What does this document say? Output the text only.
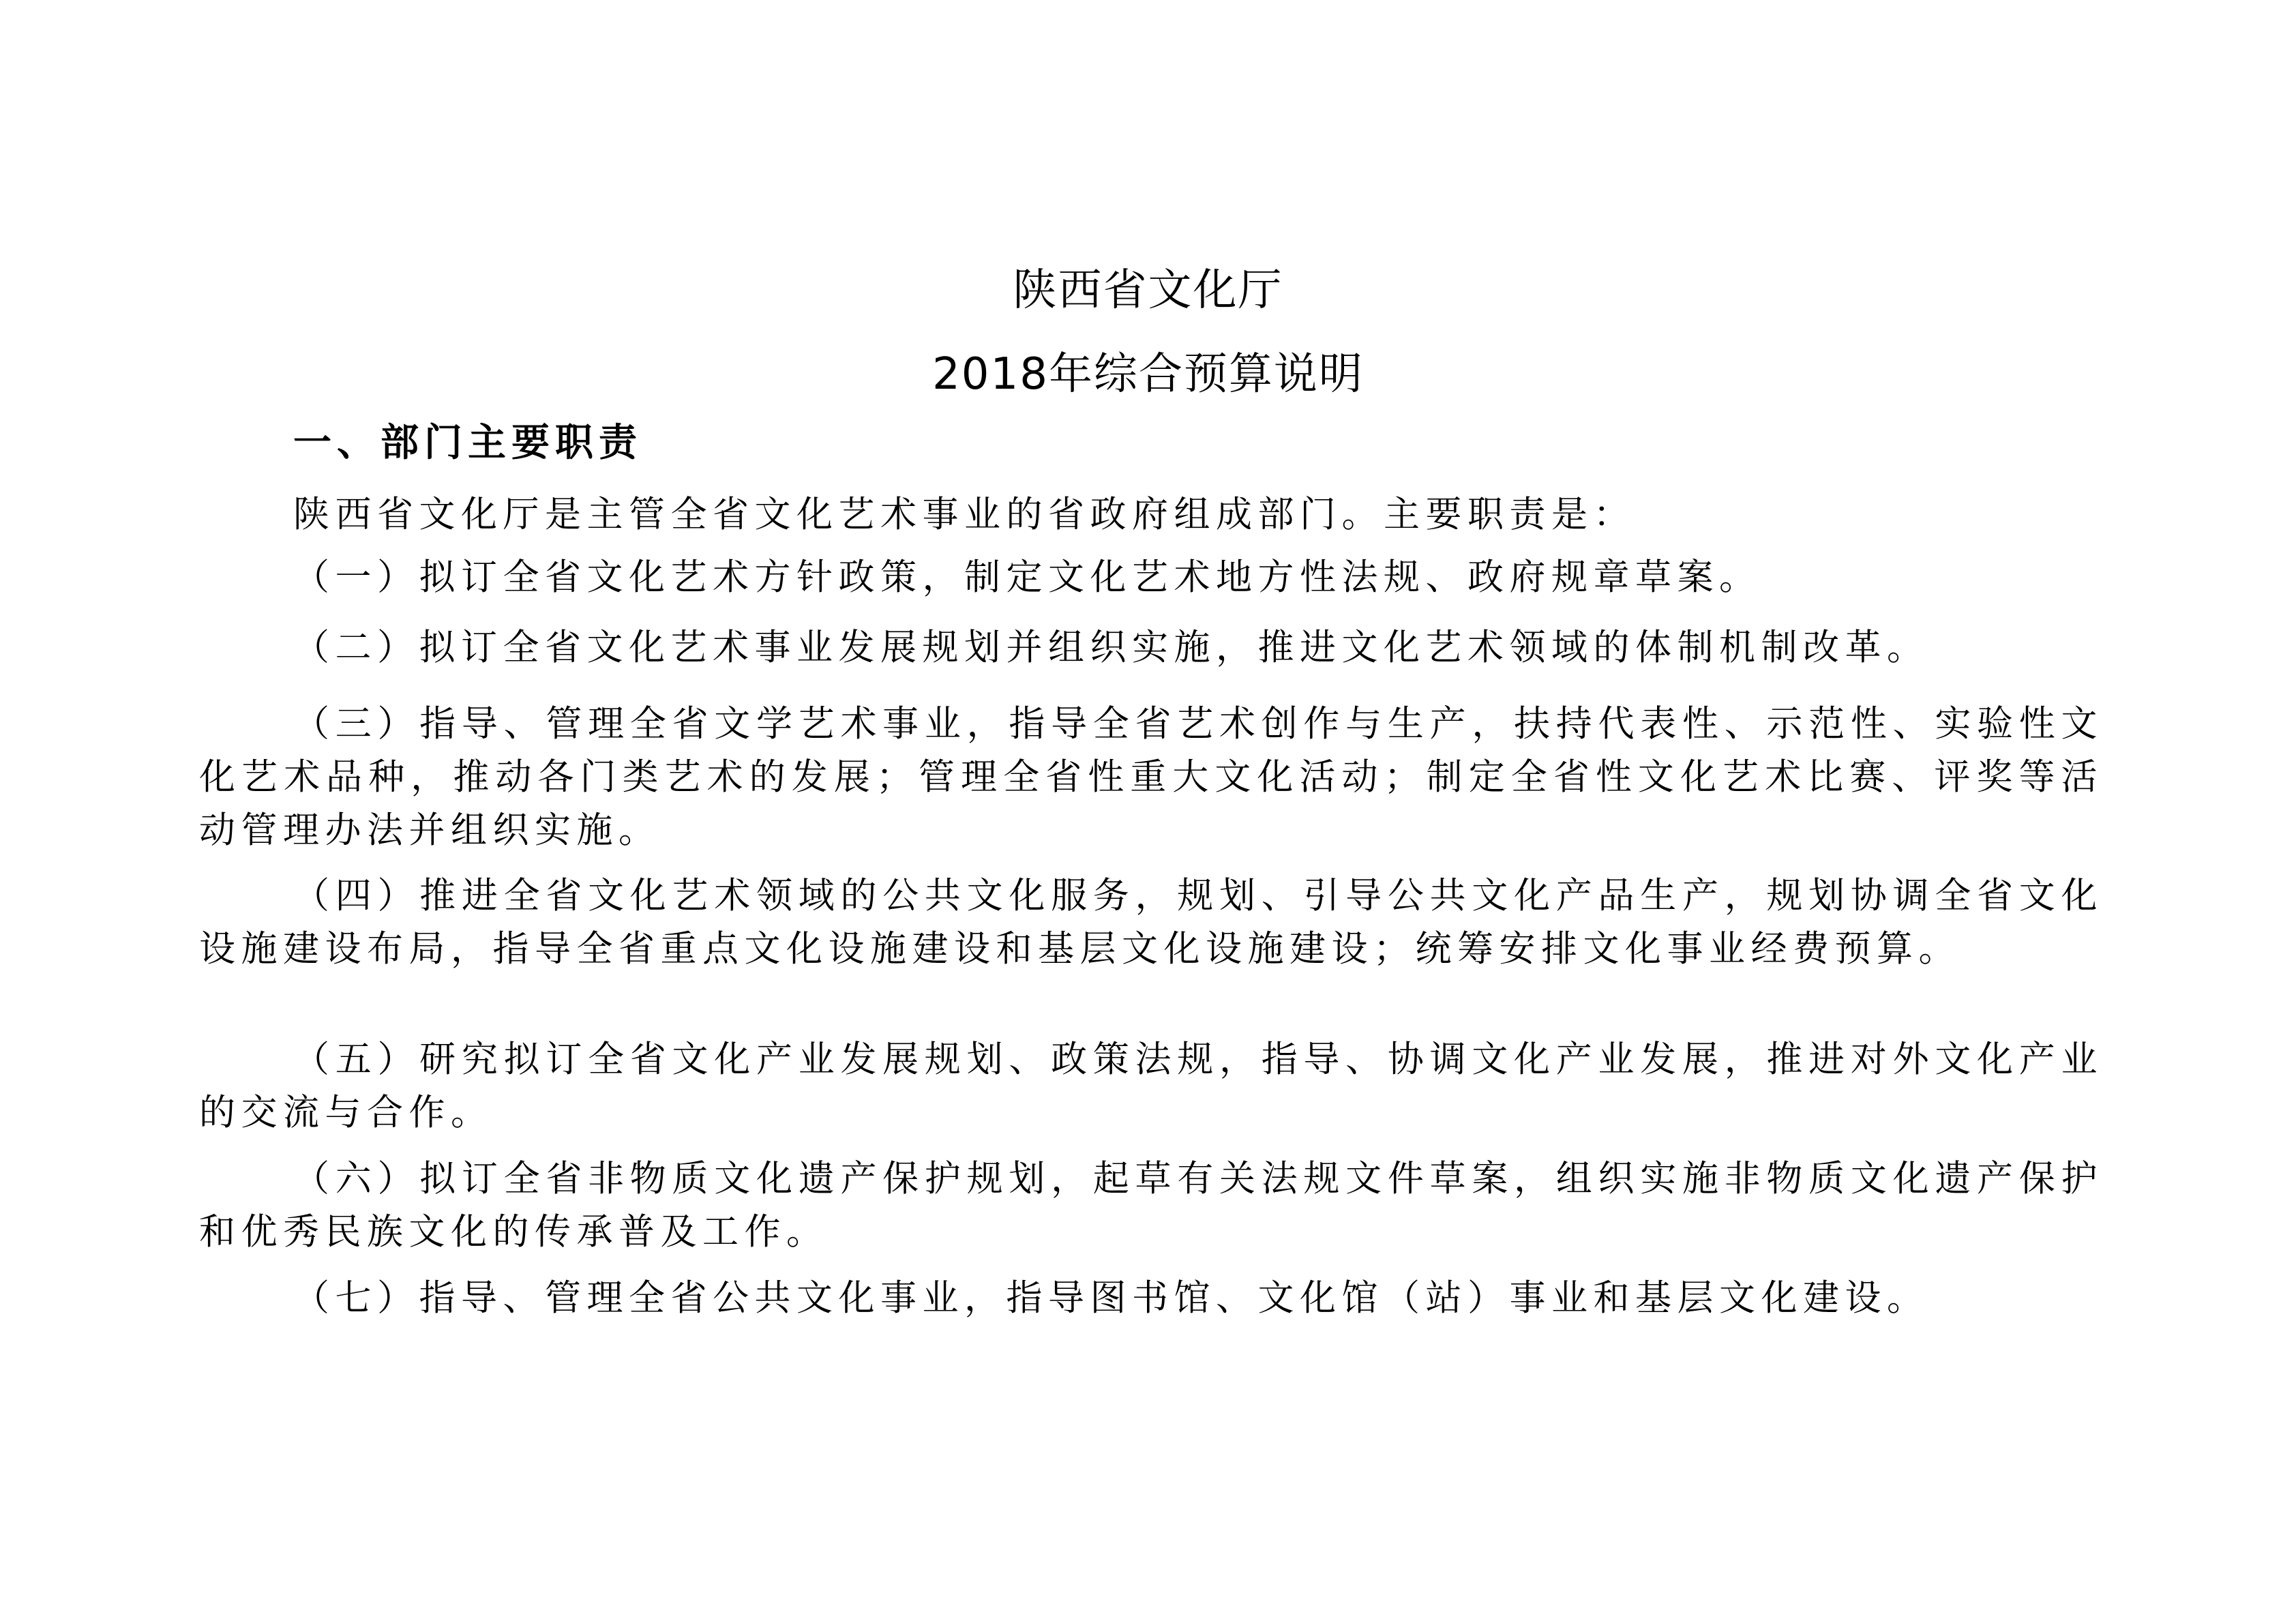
陕西省文化厅
2018年综合预算说明
一、部门主要职责
陕西省文化厅是主管全省文化艺术事业的省政府组成部门。主要职责是：
（一）拟订全省文化艺术方针政策，制定文化艺术地方性法规、政府规章草案。
（二）拟订全省文化艺术事业发展规划并组织实施，推进文化艺术领域的体制机制改革。
（三）指导、管理全省文学艺术事业，指导全省艺术创作与生产，扶持代表性、示范性、实验性文化艺术品种，推动各门类艺术的发展；管理全省性重大文化活动；制定全省性文化艺术比赛、评奖等活动管理办法并组织实施。
（四）推进全省文化艺术领域的公共文化服务，规划、引导公共文化产品生产，规划协调全省文化设施建设布局，指导全省重点文化设施建设和基层文化设施建设；统筹安排文化事业经费预算。
（五）研究拟订全省文化产业发展规划、政策法规，指导、协调文化产业发展，推进对外文化产业的交流与合作。
（六）拟订全省非物质文化遗产保护规划，起草有关法规文件草案，组织实施非物质文化遗产保护和优秀民族文化的传承普及工作。
（七）指导、管理全省公共文化事业，指导图书馆、文化馆（站）事业和基层文化建设。
